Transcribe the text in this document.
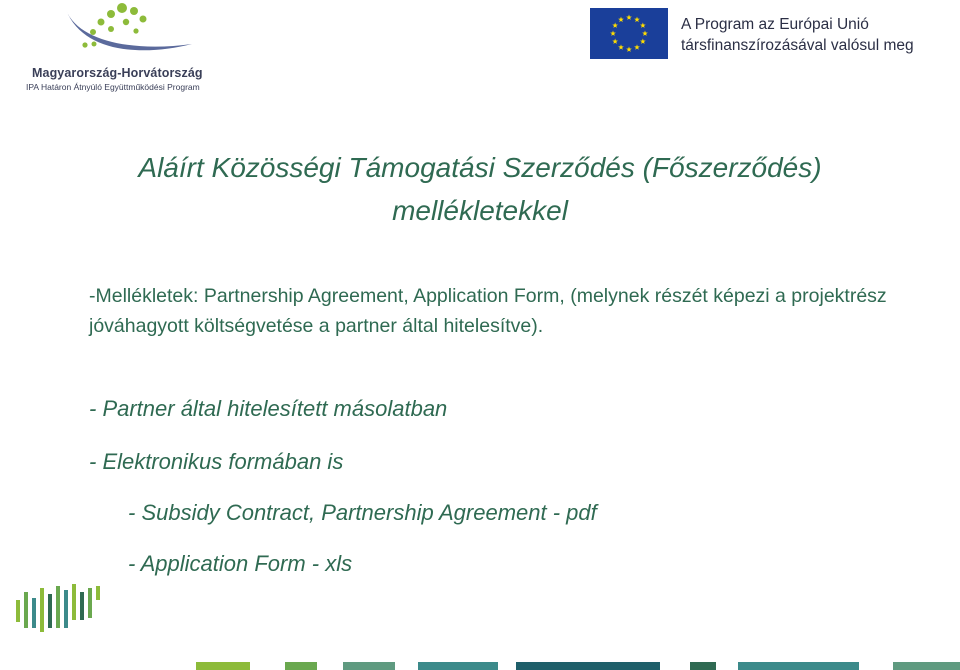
Magyarország-Horvátország
IPA Határon Átnyúló Együttműködési Program
A Program az Európai Unió
társfinanszírozásával valósul meg
Aláírt Közösségi Támogatási Szerződés (Főszerződés)
mellékletekkel
-Mellékletek: Partnership Agreement, Application Form, (melynek részét képezi a projektrész jóváhagyott költségvetése a partner által hitelesítve).
- Partner által hitelesített másolatban
- Elektronikus formában is
- Subsidy Contract, Partnership Agreement - pdf
- Application Form - xls
